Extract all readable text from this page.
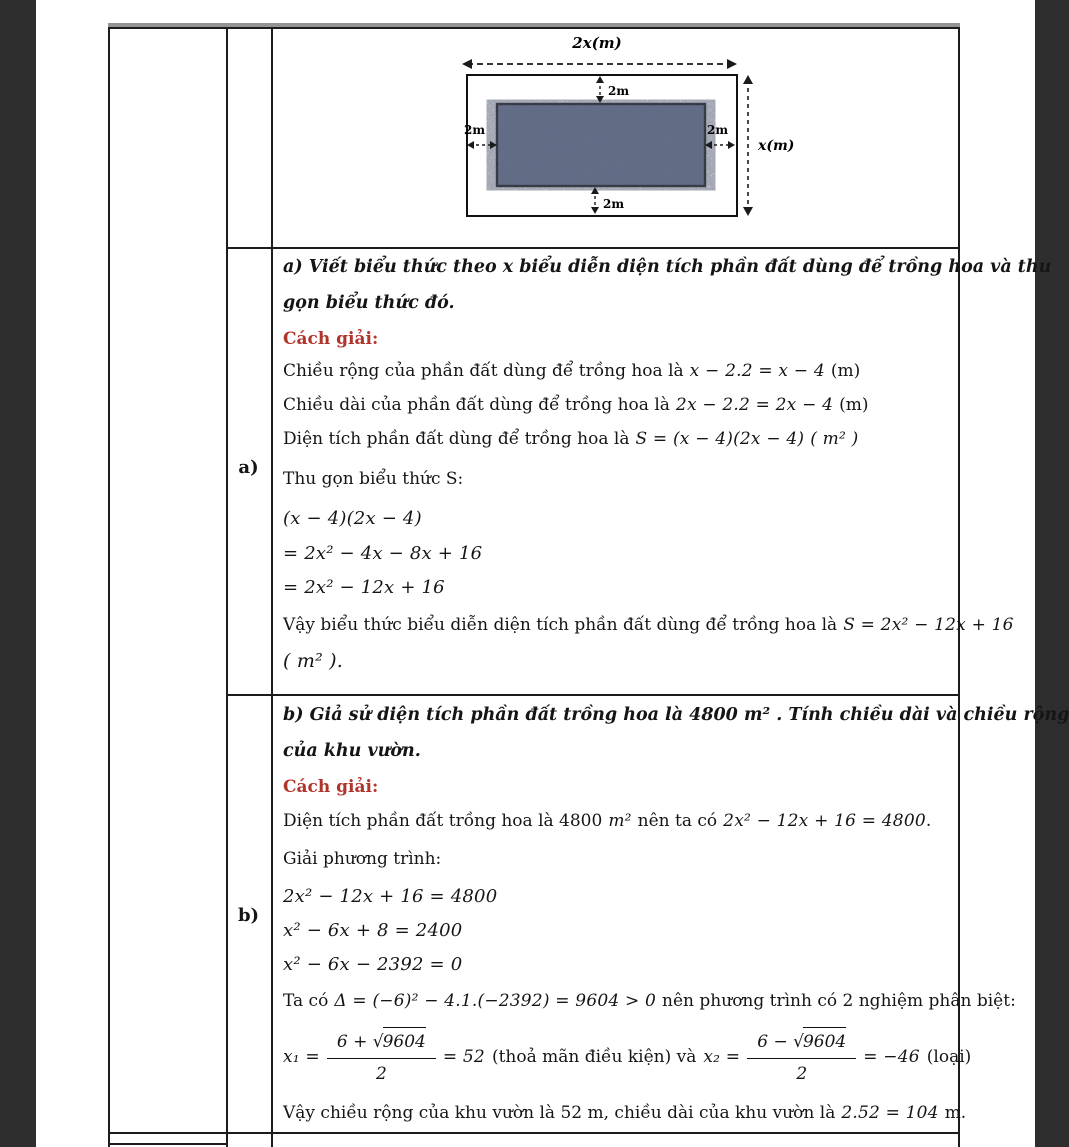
2x(m)
2m
2m
2m	2m
x(m)
a)
b)
a) Viết biểu thức theo x biểu diễn diện tích phần đất dùng để trồng hoa và thu
gọn biểu thức đó.
Cách giải:
Chiều rộng của phần đất dùng để trồng hoa là x − 2.2 = x − 4 (m)
Chiều dài của phần đất dùng để trồng hoa là 2x − 2.2 = 2x − 4 (m)
Diện tích phần đất dùng để trồng hoa là S = (x − 4)(2x − 4) ( m² )
Thu gọn biểu thức S:
(x − 4)(2x − 4)
= 2x² − 4x − 8x + 16
= 2x² − 12x + 16
Vậy biểu thức biểu diễn diện tích phần đất dùng để trồng hoa là S = 2x² − 12x + 16
( m² ).
b) Giả sử diện tích phần đất trồng hoa là 4800 m² . Tính chiều dài và chiều rộng
của khu vườn.
Cách giải:
Diện tích phần đất trồng hoa là 4800 m² nên ta có 2x² − 12x + 16 = 4800.
Giải phương trình:
2x² − 12x + 16 = 4800
x² − 6x + 8 = 2400
x² − 6x − 2392 = 0
Ta có Δ = (−6)² − 4.1.(−2392) = 9604 > 0 nên phương trình có 2 nghiệm phân biệt:
$x_1 = \frac{6 + √9604}{2} = 52$ (thoả mãn điều kiện) và $x_2 = \frac{6 - √9604}{2} = -46$ (loại)
Vậy chiều rộng của khu vườn là 52 m, chiều dài của khu vườn là 2.52 = 104 m.
